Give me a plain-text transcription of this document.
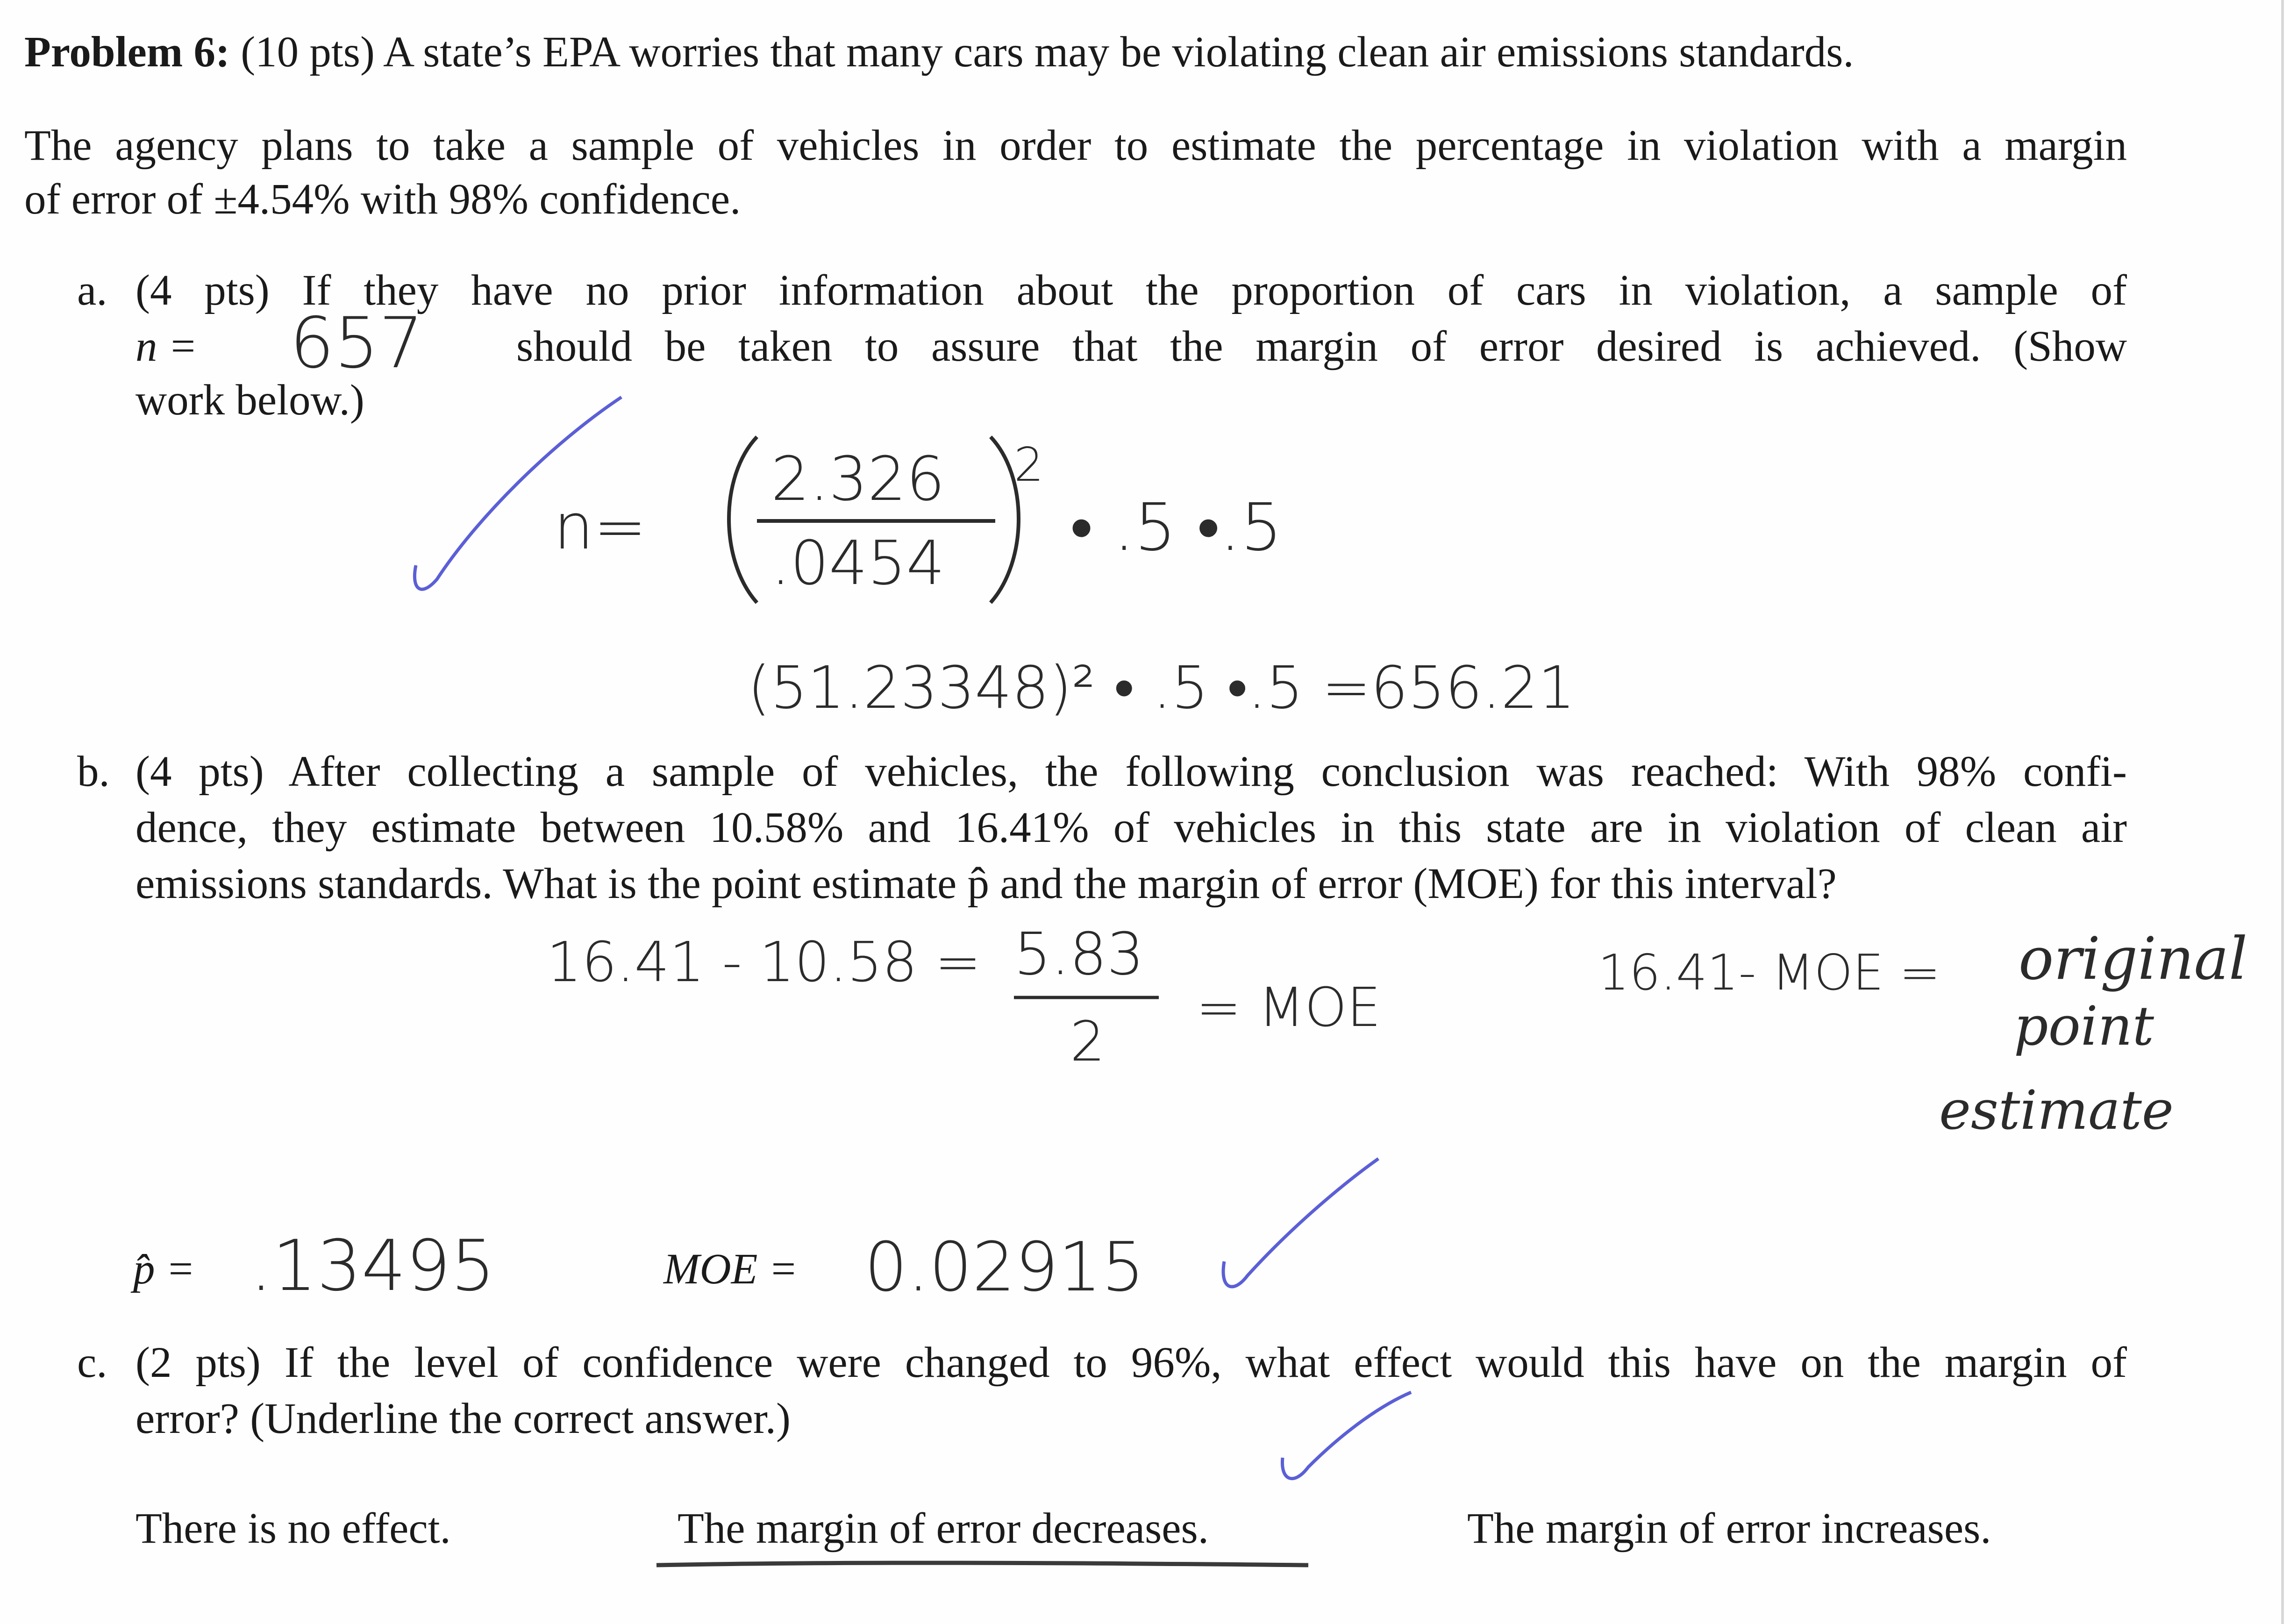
Problem 6: (10 pts) A state’s EPA worries that many cars may be violating clean air emissions standards.
The agency plans to take a sample of vehicles in order to estimate the percentage in violation with a margin
of error of ±4.54% with 98% confidence.
a. (4 pts) If they have no prior information about the proportion of cars in violation, a sample of
n = 657 should be taken to assure that the margin of error desired is achieved. (Show
work below.)
n=
2.326
.0454
2
• .5 •.5
(51.23348)² • .5 •.5 =656.21
b. (4 pts) After collecting a sample of vehicles, the following conclusion was reached: With 98% confi-
dence, they estimate between 10.58% and 16.41% of vehicles in this state are in violation of clean air
emissions standards. What is the point estimate p̂ and the margin of error (MOE) for this interval?
16.41 - 10.58 = 5.83
2
= MOE
16.41- MOE = original
point
estimate
p̂ = .13495	MOE = 0.02915
c. (2 pts) If the level of confidence were changed to 96%, what effect would this have on the margin of
error? (Underline the correct answer.)
There is no effect.	The margin of error decreases.	The margin of error increases.
